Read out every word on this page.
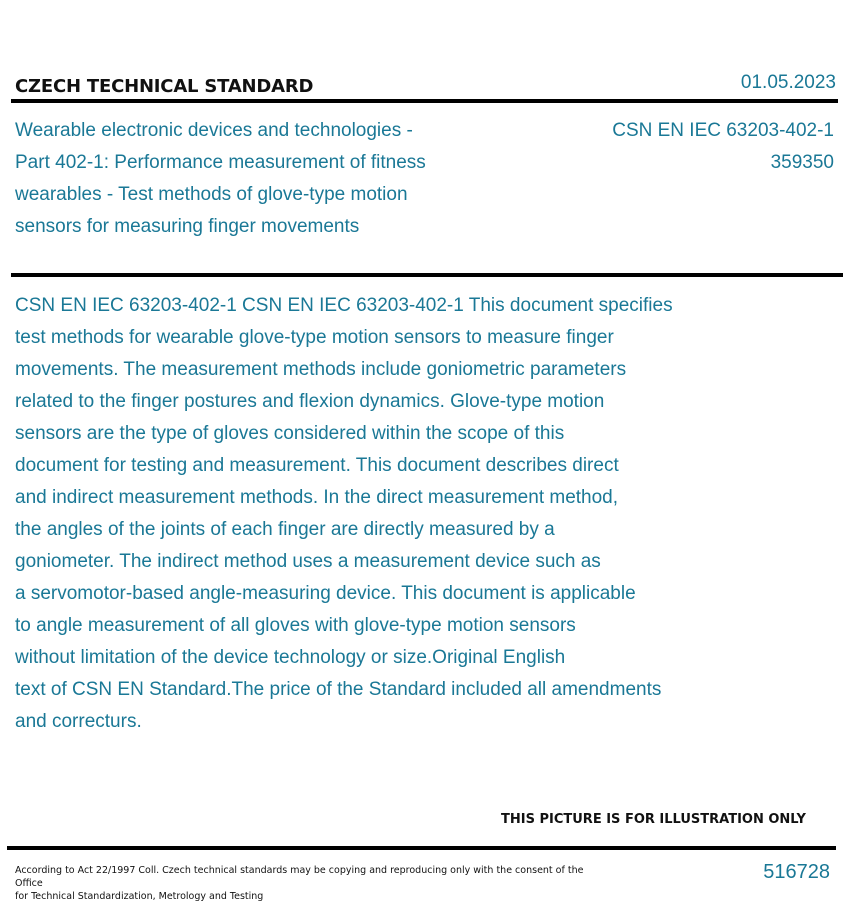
CZECH TECHNICAL STANDARD	01.05.2023
Wearable electronic devices and technologies -
Part 402-1: Performance measurement of fitness
wearables - Test methods of glove-type motion
sensors for measuring finger movements
CSN EN IEC 63203-402-1
359350
CSN EN IEC 63203-402-1 CSN EN IEC 63203-402-1 This document specifies
test methods for wearable glove-type motion sensors to measure finger
movements. The measurement methods include goniometric parameters
related to the finger postures and flexion dynamics. Glove-type motion
sensors are the type of gloves considered within the scope of this
document for testing and measurement. This document describes direct
and indirect measurement methods. In the direct measurement method,
the angles of the joints of each finger are directly measured by a
goniometer. The indirect method uses a measurement device such as
a servomotor-based angle-measuring device. This document is applicable
to angle measurement of all gloves with glove-type motion sensors
without limitation of the device technology or size.Original English
text of CSN EN Standard.The price of the Standard included all amendments
and correcturs.
THIS PICTURE IS FOR ILLUSTRATION ONLY
According to Act 22/1997 Coll. Czech technical standards may be copying and reproducing only with the consent of the Office
for Technical Standardization, Metrology and Testing
516728
